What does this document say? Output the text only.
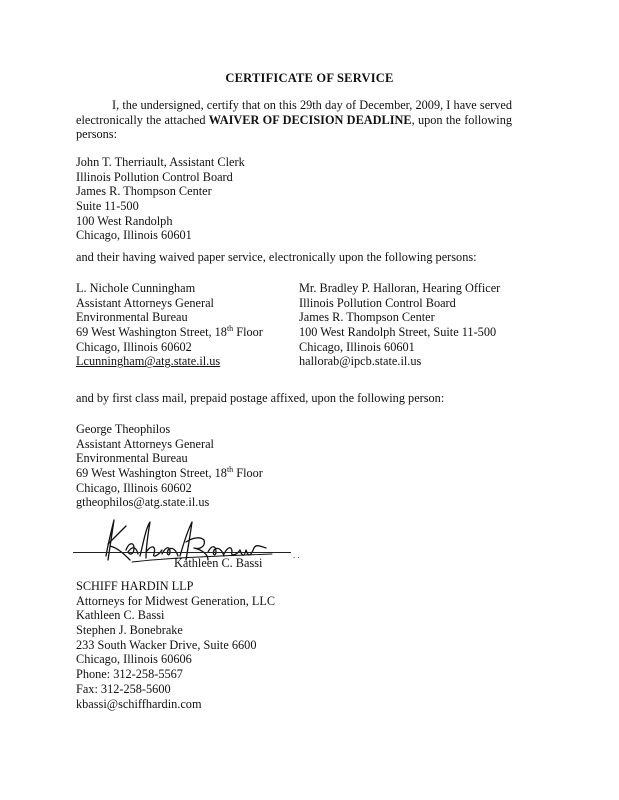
CERTIFICATE OF SERVICE
I, the undersigned, certify that on this 29th day of December, 2009, I have served electronically the attached WAIVER OF DECISION DEADLINE, upon the following persons:
John T. Therriault, Assistant Clerk
Illinois Pollution Control Board
James R. Thompson Center
Suite 11-500
100 West Randolph
Chicago, Illinois 60601
and their having waived paper service, electronically upon the following persons:
L. Nichole Cunningham
Assistant Attorneys General
Environmental Bureau
69 West Washington Street, 18th Floor
Chicago, Illinois 60602
Lcunningham@atg.state.il.us
Mr. Bradley P. Halloran, Hearing Officer
Illinois Pollution Control Board
James R. Thompson Center
100 West Randolph Street, Suite 11-500
Chicago, Illinois 60601
hallorab@ipcb.state.il.us
and by first class mail, prepaid postage affixed, upon the following person:
George Theophilos
Assistant Attorneys General
Environmental Bureau
69 West Washington Street, 18th Floor
Chicago, Illinois 60602
gtheophilos@atg.state.il.us
. .
Kathleen C. Bassi
SCHIFF HARDIN LLP
Attorneys for Midwest Generation, LLC
Kathleen C. Bassi
Stephen J. Bonebrake
233 South Wacker Drive, Suite 6600
Chicago, Illinois 60606
Phone: 312-258-5567
Fax: 312-258-5600
kbassi@schiffhardin.com
